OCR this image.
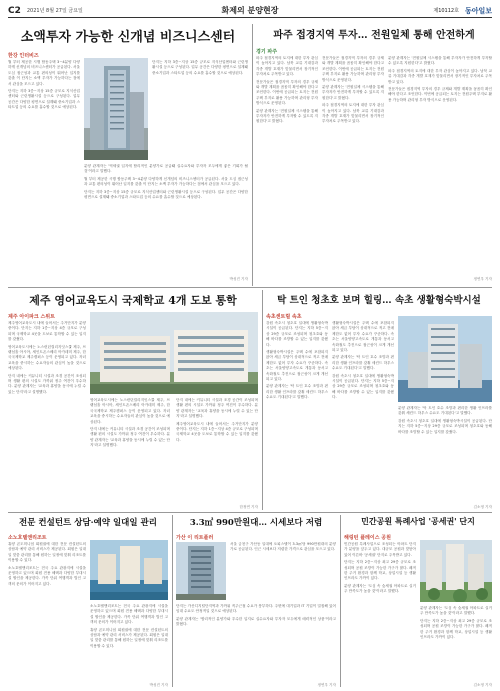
C2 2021년 8월 27일 금요일	화제의 분양현장	제10112호 동아일보
소액투자 가능한 신개념 비즈니스센터
한강 인터비즈
월 부터 제공한 시행 합동주택 3~4분양 다양하게 신개념의 비즈니스센터가 공급된다. 서울 도심 접근성과 교통 편의성이 뛰어난 입지를 갖춘 이 단지는 소액 투자가 가능하다는 점에서 관심을 모으고 있다.
단지는 지하 3층~지상 15층 규모로 지식산업센터와 근린생활시설 등으로 구성된다. 업무 공간은 다양한 평면으로 설계돼 중소기업과 스타트업 등의 수요를 흡수할 것으로 예상된다.
단지는 지하 3층~지상 15층 규모로 지식산업센터와 근린생활시설 등으로 구성된다. 업무 공간은 다양한 평면으로 설계돼 중소기업과 스타트업 등의 수요를 흡수할 것으로 예상된다.
분양 관계자는 '역세권 입지에 합리적인 분양가로 공급돼 실수요자와 투자자 모두에게 좋은 기회가 될 것'이라고 말했다.
월 부터 제공한 시행 합동주택 3~4분양 다양하게 신개념의 비즈니스센터가 공급된다. 서울 도심 접근성과 교통 편의성이 뛰어난 입지를 갖춘 이 단지는 소액 투자가 가능하다는 점에서 관심을 모으고 있다.
단지는 지하 3층~지상 15층 규모로 지식산업센터와 근린생활시설 등으로 구성된다. 업무 공간은 다양한 평면으로 설계돼 중소기업과 스타트업 등의 수요를 흡수할 것으로 예상된다.
박성진 기자
파주 접경지역 투자… 전원일체 통해 안전하게
경기 파주
파주 접경지역의 토지에 대한 투자 관심이 높아지고 있다. 남북 교류 기대감과 각종 개발 호재가 맞물리면서 장기적인 투자처로 주목받고 있다.
전문가들은 접경지역 투자의 경우 규제와 개발 계획을 꼼꼼히 확인해야 한다고 조언한다. 이번에 공급되는 토지는 전원주택 부지로 활용 가능하며 관리형 투자 방식으로 운영된다.
분양 관계자는 '전원일체 시스템을 통해 투자자가 안전하게 투자할 수 있도록 지원한다'고 밝혔다.
전문가들은 접경지역 투자의 경우 규제와 개발 계획을 꼼꼼히 확인해야 한다고 조언한다. 이번에 공급되는 토지는 전원주택 부지로 활용 가능하며 관리형 투자 방식으로 운영된다.
분양 관계자는 '전원일체 시스템을 통해 투자자가 안전하게 투자할 수 있도록 지원한다'고 밝혔다.
파주 접경지역의 토지에 대한 투자 관심이 높아지고 있다. 남북 교류 기대감과 각종 개발 호재가 맞물리면서 장기적인 투자처로 주목받고 있다.
분양 관계자는 '전원일체 시스템을 통해 투자자가 안전하게 투자할 수 있도록 지원한다'고 밝혔다.
파주 접경지역의 토지에 대한 투자 관심이 높아지고 있다. 남북 교류 기대감과 각종 개발 호재가 맞물리면서 장기적인 투자처로 주목받고 있다.
전문가들은 접경지역 투자의 경우 규제와 개발 계획을 꼼꼼히 확인해야 한다고 조언한다. 이번에 공급되는 토지는 전원주택 부지로 활용 가능하며 관리형 투자 방식으로 운영된다.
정연우 기자
제주 영어교육도시 국제학교 4개 도보 통학
제주 아이파크 스위트
제주영어교육도시 내에 들어서는 주거단지가 분양 중이다. 단지는 지하 1층~지상 4층 규모로 구성되며 국제학교 4곳을 도보로 통학할 수 있는 입지를 갖췄다.
영어교육도시에는 노스런던컬리지잇스쿨 제주, 브랭섬홀 아시아, 세인트존스베리 아카데미 제주, 한국국제학교 제주캠퍼스 등이 운영되고 있다. 자녀 교육을 중시하는 수요자들의 관심이 높을 것으로 예상된다.
단지 내에는 커뮤니티 시설과 조경 공간이 조성되며 생활 편의 시설도 가까워 정주 여건이 우수하다. 분양 관계자는 '교육과 휴양을 동시에 누릴 수 있는 단지'라고 설명했다.
영어교육도시에는 노스런던컬리지잇스쿨 제주, 브랭섬홀 아시아, 세인트존스베리 아카데미 제주, 한국국제학교 제주캠퍼스 등이 운영되고 있다. 자녀 교육을 중시하는 수요자들의 관심이 높을 것으로 예상된다.
단지 내에는 커뮤니티 시설과 조경 공간이 조성되며 생활 편의 시설도 가까워 정주 여건이 우수하다. 분양 관계자는 '교육과 휴양을 동시에 누릴 수 있는 단지'라고 설명했다.
단지 내에는 커뮤니티 시설과 조경 공간이 조성되며 생활 편의 시설도 가까워 정주 여건이 우수하다. 분양 관계자는 '교육과 휴양을 동시에 누릴 수 있는 단지'라고 설명했다.
제주영어교육도시 내에 들어서는 주거단지가 분양 중이다. 단지는 지하 1층~지상 4층 규모로 구성되며 국제학교 4곳을 도보로 통학할 수 있는 입지를 갖췄다.
한정연 기자
탁 트인 청초호 보며 힐링… 속초 생활형숙박시설
속초센트럴 속초
강원 속초시 청초호 일대에 생활형숙박시설이 공급된다. 단지는 지하 5층~지상 29층 규모로 조성되며 청초호와 동해 바다를 조망할 수 있는 입지를 갖췄다.
생활형숙박시설은 주택 수에 포함되지 않아 세금 부담이 상대적으로 적고 전매 제한도 없어 투자 수요가 꾸준하다. 속초는 서울양양고속도로 개통과 동서고속화철도 추진으로 접근성이 크게 개선되고 있다.
분양 관계자는 '탁 트인 호수 조망과 편리한 생활 인프라를 갖춰 세컨드 하우스 수요도 기대된다'고 말했다.
생활형숙박시설은 주택 수에 포함되지 않아 세금 부담이 상대적으로 적고 전매 제한도 없어 투자 수요가 꾸준하다. 속초는 서울양양고속도로 개통과 동서고속화철도 추진으로 접근성이 크게 개선되고 있다.
분양 관계자는 '탁 트인 호수 조망과 편리한 생활 인프라를 갖춰 세컨드 하우스 수요도 기대된다'고 말했다.
강원 속초시 청초호 일대에 생활형숙박시설이 공급된다. 단지는 지하 5층~지상 29층 규모로 조성되며 청초호와 동해 바다를 조망할 수 있는 입지를 갖췄다.
분양 관계자는 '탁 트인 호수 조망과 편리한 생활 인프라를 갖춰 세컨드 하우스 수요도 기대된다'고 말했다.
강원 속초시 청초호 일대에 생활형숙박시설이 공급된다. 단지는 지하 5층~지상 29층 규모로 조성되며 청초호와 동해 바다를 조망할 수 있는 입지를 갖췄다.
김소영 기자
전문 컨설턴트 상담·예약 일대일 관리
소노호텔앤리조트
휴양 콘도미니엄 회원권에 대한 전문 컨설턴트의 상담과 예약 관리 서비스가 제공된다. 회원은 일대일 맞춤 관리를 통해 원하는 일정에 맞춰 리조트를 이용할 수 있다.
소노호텔앤리조트는 전국 주요 관광지에 시설을 운영하고 있으며 회원 전용 혜택과 다양한 부대시설 할인을 제공한다. 가족 단위 여행객과 법인 고객의 문의가 이어지고 있다.
소노호텔앤리조트는 전국 주요 관광지에 시설을 운영하고 있으며 회원 전용 혜택과 다양한 부대시설 할인을 제공한다. 가족 단위 여행객과 법인 고객의 문의가 이어지고 있다.
휴양 콘도미니엄 회원권에 대한 전문 컨설턴트의 상담과 예약 관리 서비스가 제공된다. 회원은 일대일 맞춤 관리를 통해 원하는 일정에 맞춰 리조트를 이용할 수 있다.
박성진 기자
3.3㎡ 990만원대… 시세보다 저렴
가산 이 리트플러
서울 금천구 가산동 일대에 오피스텔이 3.3㎡당 990만원대의 분양가로 공급된다. 인근 시세보다 저렴한 가격으로 관심을 모으고 있다.
단지는 가산디지털단지역과 가까워 직주근접 수요가 풍부하다. 주변에 대기업과 IT 기업이 밀집해 있어 임대 수요도 안정적일 것으로 예상된다.
분양 관계자는 '합리적인 분양가와 우수한 입지로 실수요자와 투자자 모두에게 매력적인 상품'이라고 밝혔다.
정연우 기자
민간공원 특례사업 '공세권' 단지
해링턴 플레이스 공원
민간공원 특례사업으로 조성되는 아파트 단지가 분양을 앞두고 있다. 대규모 공원과 맞닿아 있어 이른바 '공세권' 단지로 주목받고 있다.
단지는 지하 2층~지상 최고 29층 규모로 조성되며 공원 조망이 가능한 가구가 많다. 쾌적한 주거 환경과 함께 학교, 상업시설 등 생활 인프라도 가까이 있다.
분양 관계자는 '도심 속 숲세권 아파트로 실거주 만족도가 높을 것'이라고 말했다.
분양 관계자는 '도심 속 숲세권 아파트로 실거주 만족도가 높을 것'이라고 말했다.
단지는 지하 2층~지상 최고 29층 규모로 조성되며 공원 조망이 가능한 가구가 많다. 쾌적한 주거 환경과 함께 학교, 상업시설 등 생활 인프라도 가까이 있다.
김소영 기자
